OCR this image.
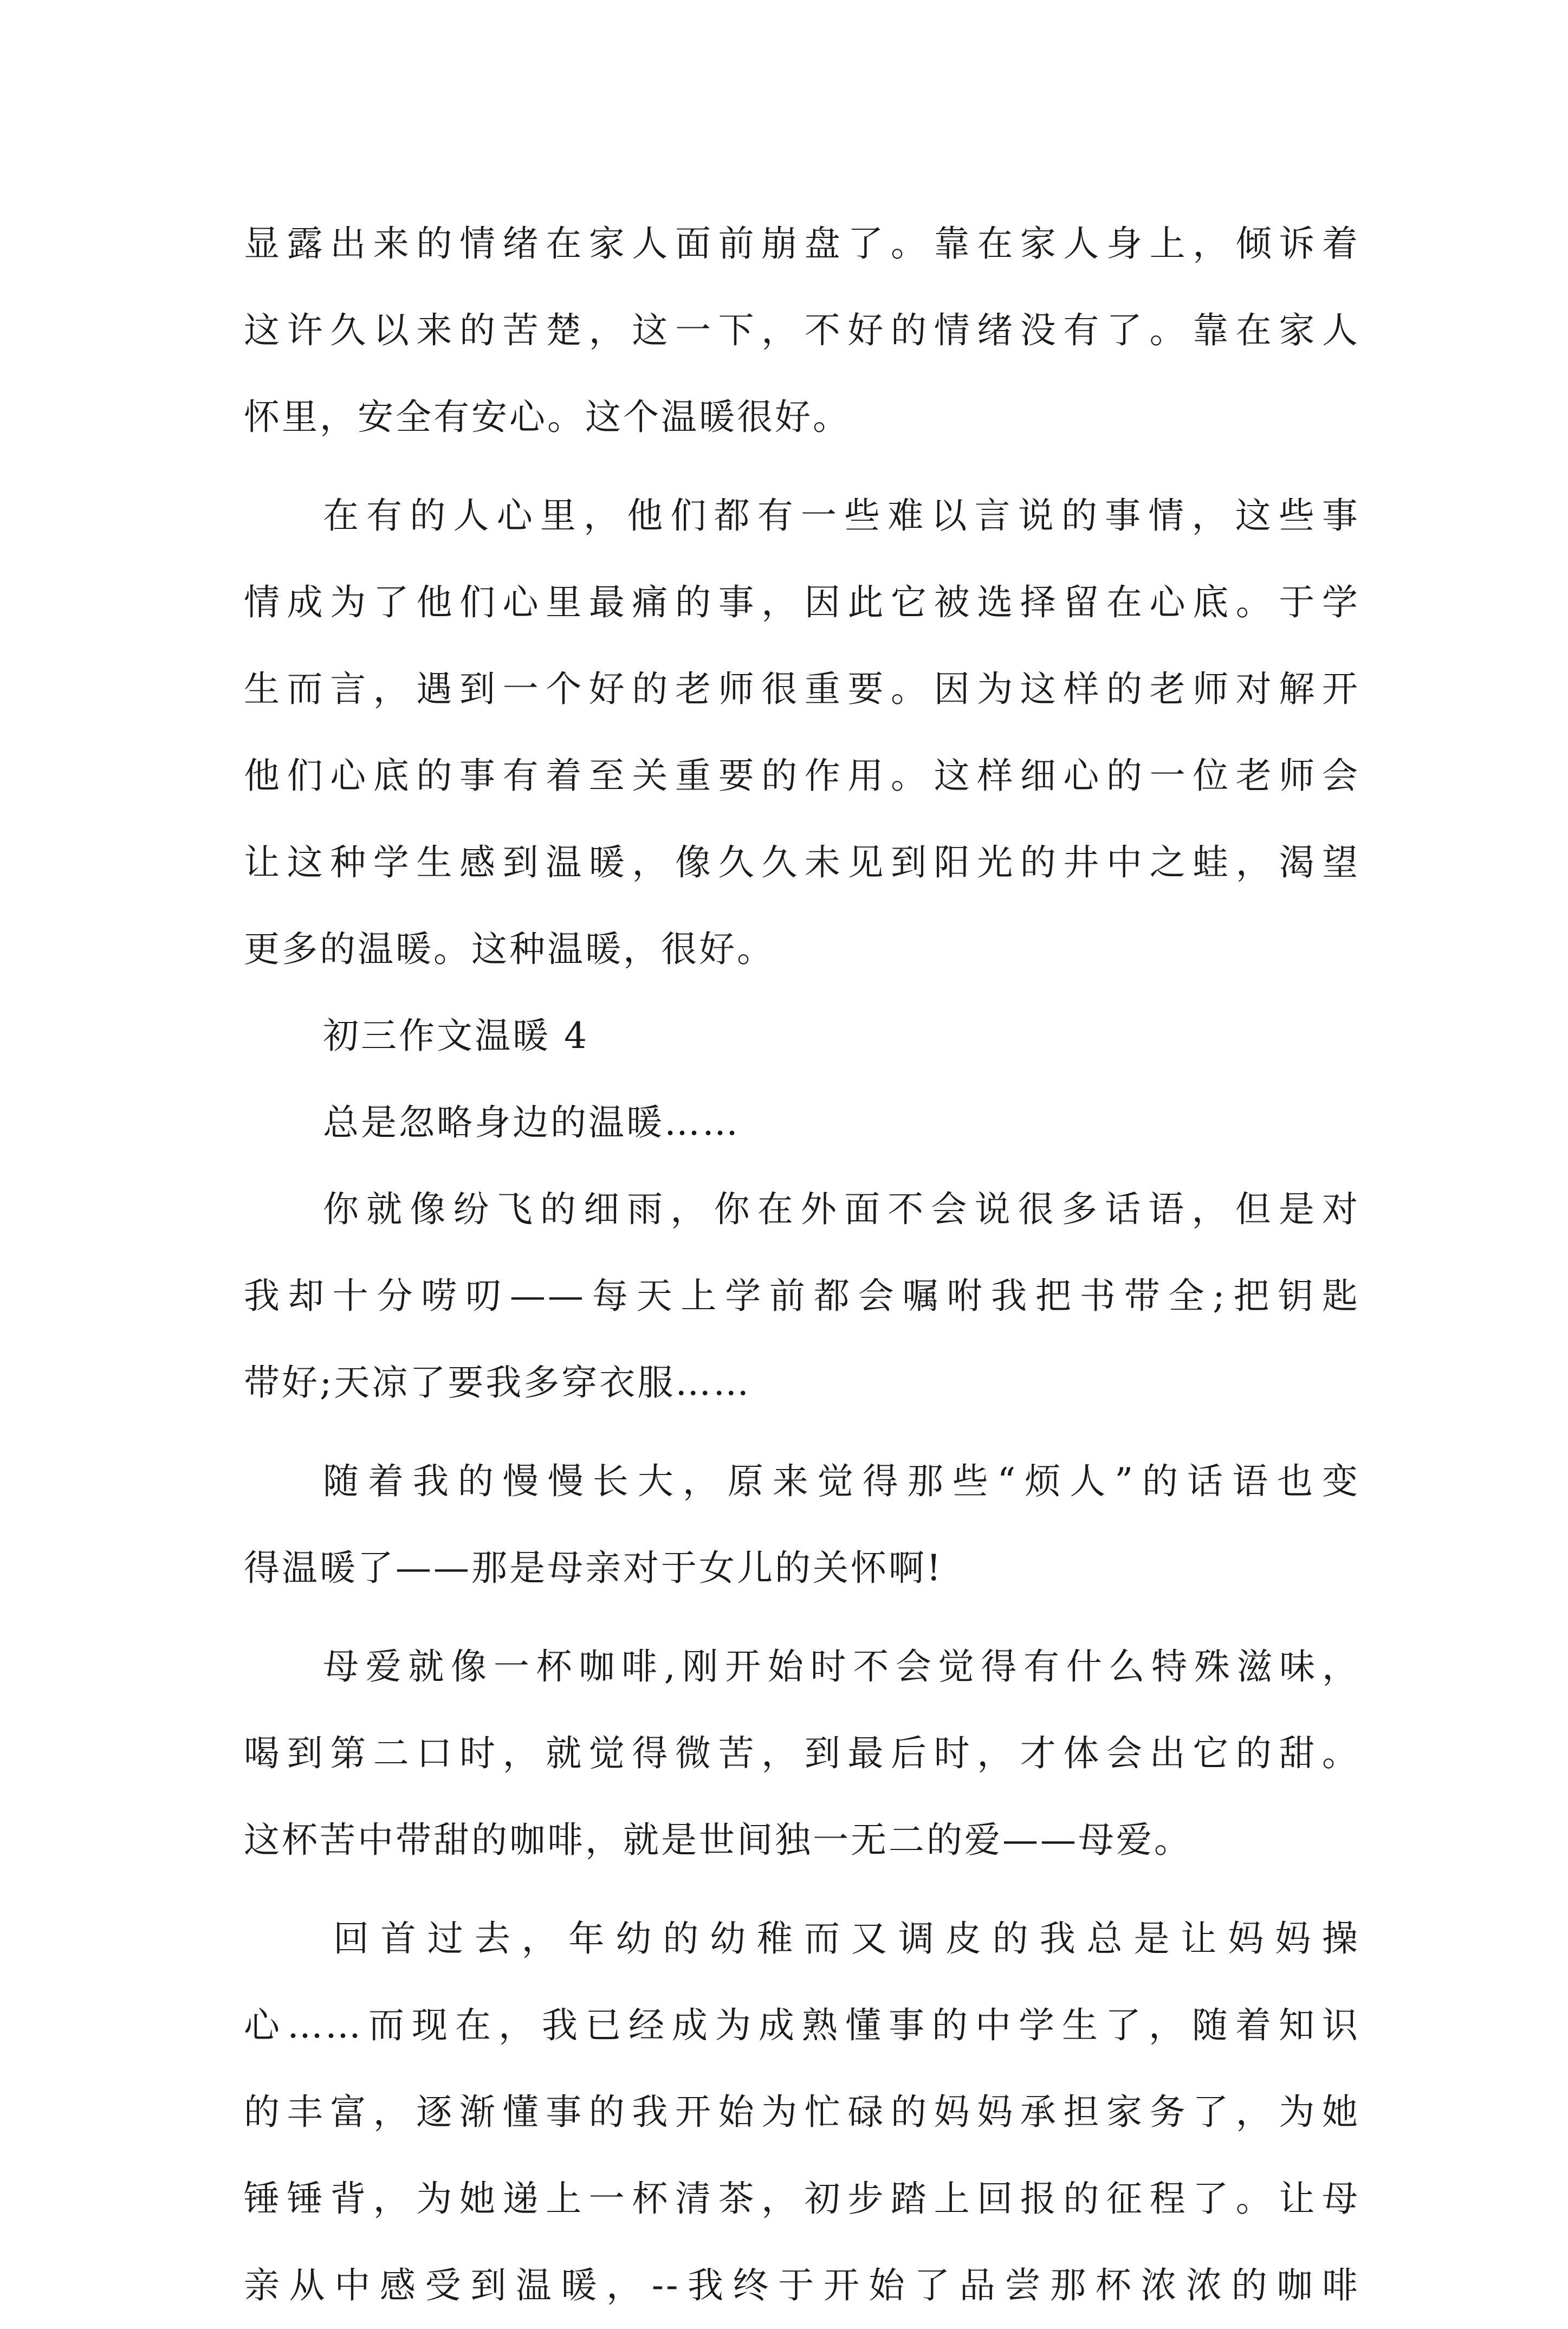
显露出来的情绪在家人面前崩盘了。靠在家人身上，倾诉着
这许久以来的苦楚，这一下，不好的情绪没有了。靠在家人
怀里，安全有安心。这个温暖很好。
在有的人心里，他们都有一些难以言说的事情，这些事
情成为了他们心里最痛的事，因此它被选择留在心底。于学
生而言，遇到一个好的老师很重要。因为这样的老师对解开
他们心底的事有着至关重要的作用。这样细心的一位老师会
让这种学生感到温暖，像久久未见到阳光的井中之蛙，渴望
更多的温暖。这种温暖，很好。
初三作文温暖 4
总是忽略身边的温暖……
你就像纷飞的细雨，你在外面不会说很多话语，但是对
我却十分唠叨——每天上学前都会嘱咐我把书带全;把钥匙
带好;天凉了要我多穿衣服……
随着我的慢慢长大，原来觉得那些“烦人”的话语也变
得温暖了——那是母亲对于女儿的关怀啊!
母爱就像一杯咖啡,刚开始时不会觉得有什么特殊滋味，
喝到第二口时，就觉得微苦，到最后时，才体会出它的甜。
这杯苦中带甜的咖啡，就是世间独一无二的爱——母爱。
回首过去，年幼的幼稚而又调皮的我总是让妈妈操
心……而现在，我已经成为成熟懂事的中学生了，随着知识
的丰富，逐渐懂事的我开始为忙碌的妈妈承担家务了，为她
锤锤背，为她递上一杯清茶，初步踏上回报的征程了。让母
亲从中感受到温暖，--我终于开始了品尝那杯浓浓的咖啡
